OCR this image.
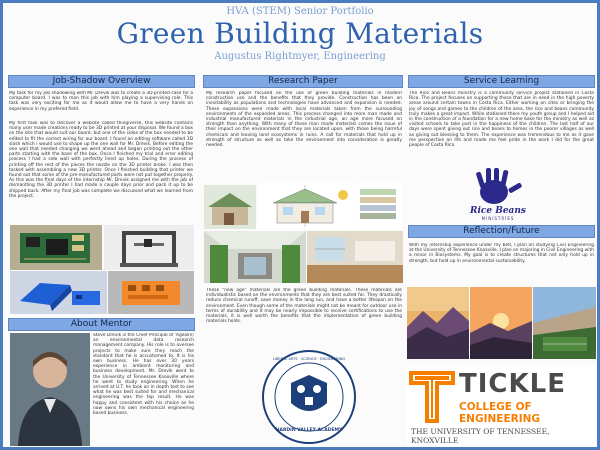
HVA (STEM) Senior Portfolio
Green Building Materials
Augustus Rightmyer, Engineering
Job-Shadow Overview
My task for my job shadowing with Mr. Drevik was to create a 3D-printed case for a computer board. I was to man this job with him playing a supervising role. This task was very exciting for me as it would allow me to have a very hands on experience in my prefered field.
My first task was to discover a website called thingiverse, this website contains many user made creations ready to be 3D printed at your disposal. We found a box on the site that would suit our board, but one of the sides of the box needed to be edited to fit the correct wiring for our board. I found an editing software called 3D slash which i would use to shape up the one wall for Mr. Drevik. Before editing the one wall that needed changing we went ahead and began printing out the other parts starting with the base of the box. Once I finished my trial and error editing process I had a side wall with perfectly lined up holes. During the process of printing off the rest of the pieces the nozzle on the 3D printer broke. I was then tasked with assembling a new 3D printer. Once I finished building that printer we found out that some of the pre-manufactured parts were not put together properly. As this was the final days of the internship Mr. Drevik assigned me with the job of dismantling the 3D printer I had made a couple days prior and pack it up to be shipped back. After my final job was complete we discussed what we learned from the project.
About Mentor
Steve Drevik is the Chief Principal of 'Agilaire; an environmental data research management company. His role is to oversee projects to make sure they reach the standard that he is accustomed to. It is his own business. He has over 30 years experience in ambient monitoring and business development. Mr. Drevik went to the University of Tennessee Knoxville where he went to study engineering. When he arrived at U.T. he took an in depth test to see what he was best suited for and mechanical engineering was the top result. He was happy and consistent with his choice as he now owns his own mechanical engineering based business.
Research Paper
My research paper focused on the use of green building materials in modern construction use and the benefits that they provide. Construction has been an inevitability as populations and technologies have advanced and expansion is needed. These expansions were made with local materials taken from the surrounding environments of the expanded areas. This process changed into more man made and industrial manufactured materials in the industrial age, an age more focused on strength than anything. With many of these man made materials comes the issue of their impact on the environment that they are located upon, with those being harmful chemicals and leaving land ecosystems in ruins. A call for materials that hold up in strength of structure as well as take the environment into consideration is greatly needed.
These "new age" materials are the green building materials. These materials are individualistic based on the environments that they are best suited for. They drastically reduce chemical runoff, save money in the long run, and have a better lifespan on the environment. Even though some of the materials might not be meant for outdoor use in terms of durability and it may be nearly impossible to receive certifications to use the materials, it is well worth the benefits that the implementation of green building materials holds.
HARDIN VALLEY ACADEMY
LIBERAL ARTS · SCIENCE · ENGINEERING
Service Learning
The Rice and Beans ministry is a community service project stationed in Costa Rica. The project focuses on supporting those that are in need in the high poverty areas around certain towns in Costa Rica. Either working on cites or bringing the joy of songs and games to the children of the area, the rice and beans community truly makes a great impact. While stationed there my youth group and I helped aid in the construction of a foundation for a new home base for the ministry as well as visited schools to take part in the happiness of the children. The last half of our days were spent giving out rice and beans to homes in the poorer villages as well as giving out blessing to them. The experience was tremendous to me as it gave me perspective on life and made me feel pride in the work I did for the great people of Costa Rica
Rice Beans
MINISTRIES
Reflection/Future
With my internship experience under my belt, I plan on studying Civil Engineering at the University of Tennessee Knoxville. I plan on majoring in Civil Engineering with a minor in Biosystems. My goal is to create structures that not only hold up in strength, but hold up in environmental sustainability.
TICKLE
COLLEGE OF ENGINEERING
THE UNIVERSITY OF TENNESSEE, KNOXVILLE
